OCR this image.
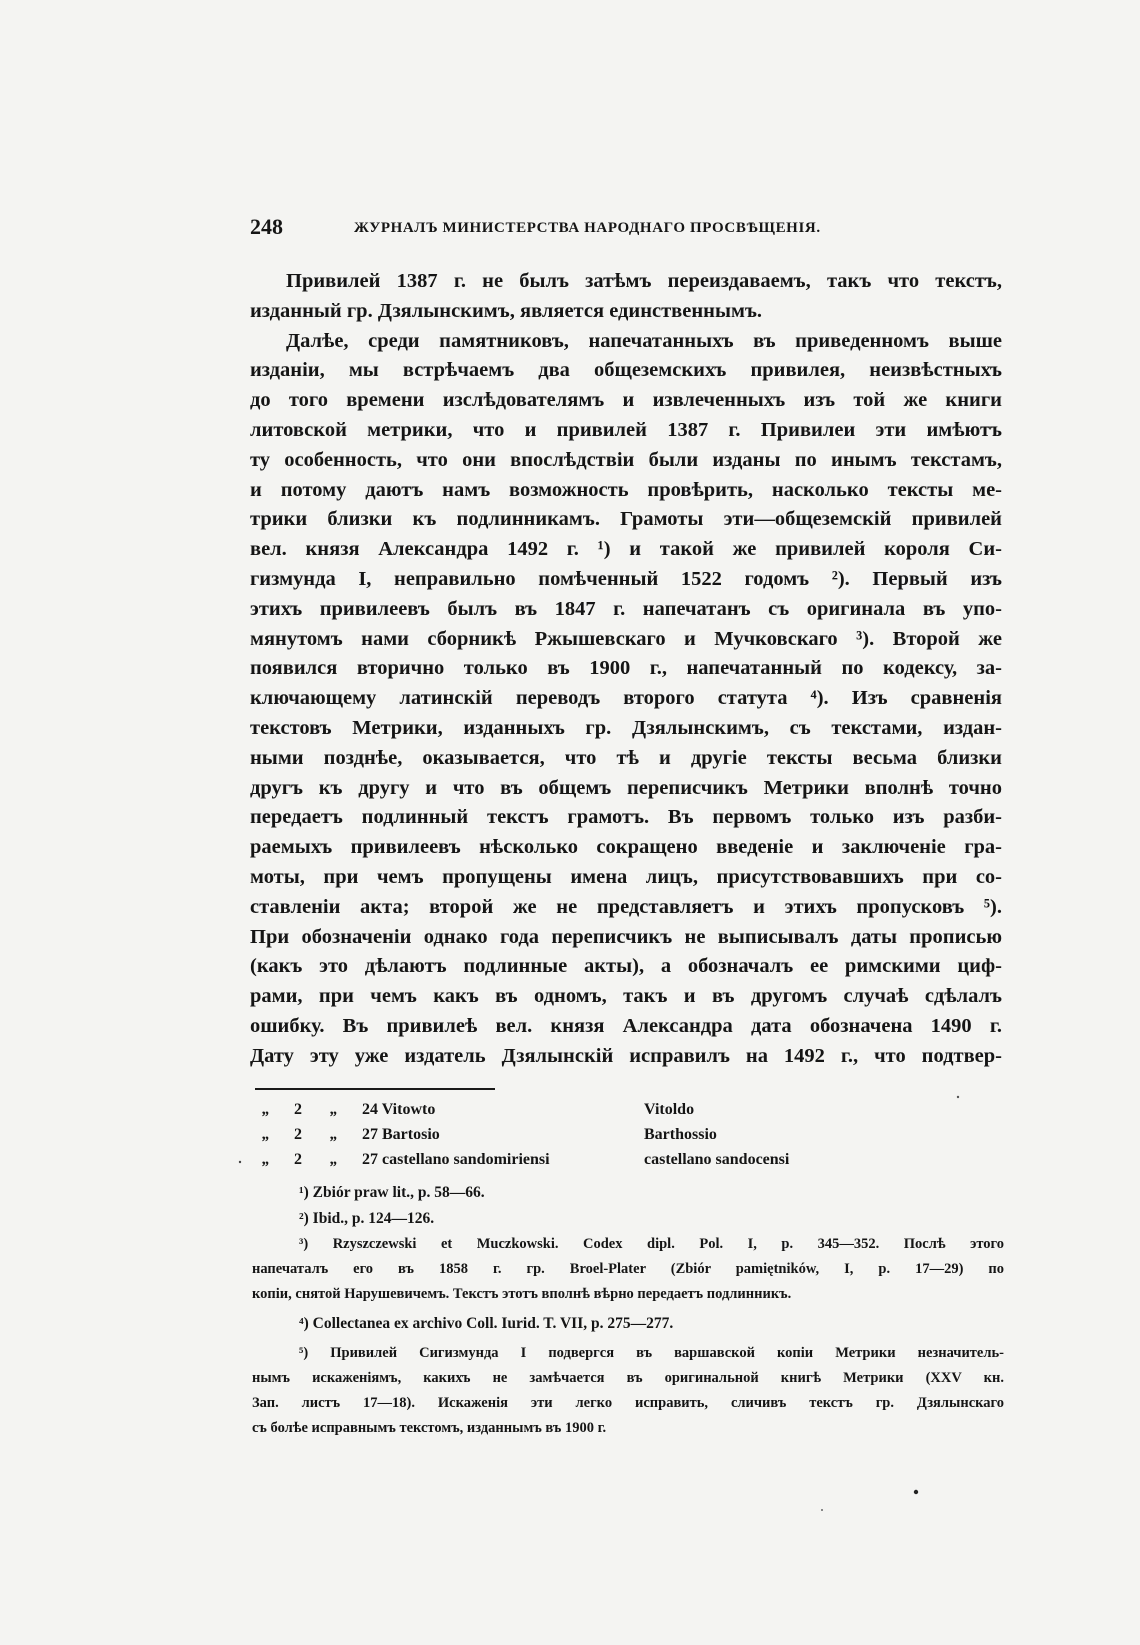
248	ЖУРНАЛЪ МИНИСТЕРСТВА НАРОДНАГО ПРОСВѢЩЕНІЯ.
Привилей 1387 г. не былъ затѣмъ переиздаваемъ, такъ что текстъ,
изданный гр. Дзялынскимъ, является единственнымъ.
Далѣе, среди памятниковъ, напечатанныхъ въ приведенномъ выше
изданіи, мы встрѣчаемъ два общеземскихъ привилея, неизвѣстныхъ
до того времени изслѣдователямъ и извлеченныхъ изъ той же книги
литовской метрики, что и привилей 1387 г. Привилеи эти имѣютъ
ту особенность, что они впослѣдствіи были изданы по инымъ текстамъ,
и потому даютъ намъ возможность провѣрить, насколько тексты ме-
трики близки къ подлинникамъ. Грамоты эти—общеземскій привилей
вел. князя Александра 1492 г. ¹) и такой же привилей короля Си-
гизмунда I, неправильно помѣченный 1522 годомъ ²). Первый изъ
этихъ привилеевъ былъ въ 1847 г. напечатанъ съ оригинала въ упо-
мянутомъ нами сборникѣ Ржышевскаго и Мучковскаго ³). Второй же
появился вторично только въ 1900 г., напечатанный по кодексу, за-
ключающему латинскій переводъ второго статута ⁴). Изъ сравненія
текстовъ Метрики, изданныхъ гр. Дзялынскимъ, съ текстами, издан-
ными позднѣе, оказывается, что тѣ и другіе тексты весьма близки
другъ къ другу и что въ общемъ переписчикъ Метрики вполнѣ точно
передаетъ подлинный текстъ грамотъ. Въ первомъ только изъ разби-
раемыхъ привилеевъ нѣсколько сокращено введеніе и заключеніе гра-
моты, при чемъ пропущены имена лицъ, присутствовавшихъ при со-
ставленіи акта; второй же не представляетъ и этихъ пропусковъ ⁵).
При обозначеніи однако года переписчикъ не выписывалъ даты прописью
(какъ это дѣлаютъ подлинные акты), а обозначалъ ее римскими циф-
рами, при чемъ какъ въ одномъ, такъ и въ другомъ случаѣ сдѣлалъ
ошибку. Въ привилеѣ вел. князя Александра дата обозначена 1490 г.
Дату эту уже издатель Дзялынскій исправилъ на 1492 г., что подтвер-
„ 2 „ 24 Vitowto	Vitoldo
„ 2 „ 27 Bartosio	Barthossio
„ 2 „ 27 castellano sandomiriensi	castellano sandocensi
¹) Zbiór praw lit., p. 58—66.
²) Ibid., p. 124—126.
³) Rzyszczewski et Muczkowski. Codex dipl. Pol. I, p. 345—352. Послѣ этого
напечаталъ его въ 1858 г. гр. Broel-Plater (Zbiór pamiętników, I, p. 17—29) по
копіи, снятой Нарушевичемъ. Текстъ этотъ вполнѣ вѣрно передаетъ подлинникъ.
⁴) Collectanea ex archivo Coll. Iurid. T. VII, p. 275—277.
⁵) Привилей Сигизмунда I подвергся въ варшавской копіи Метрики незначитель-
нымъ искаженіямъ, какихъ не замѣчается въ оригинальной книгѣ Метрики (XXV кн.
Зап. листъ 17—18). Искаженія эти легко исправить, сличивъ текстъ гр. Дзялынскаго
съ болѣе исправнымъ текстомъ, изданнымъ въ 1900 г.
